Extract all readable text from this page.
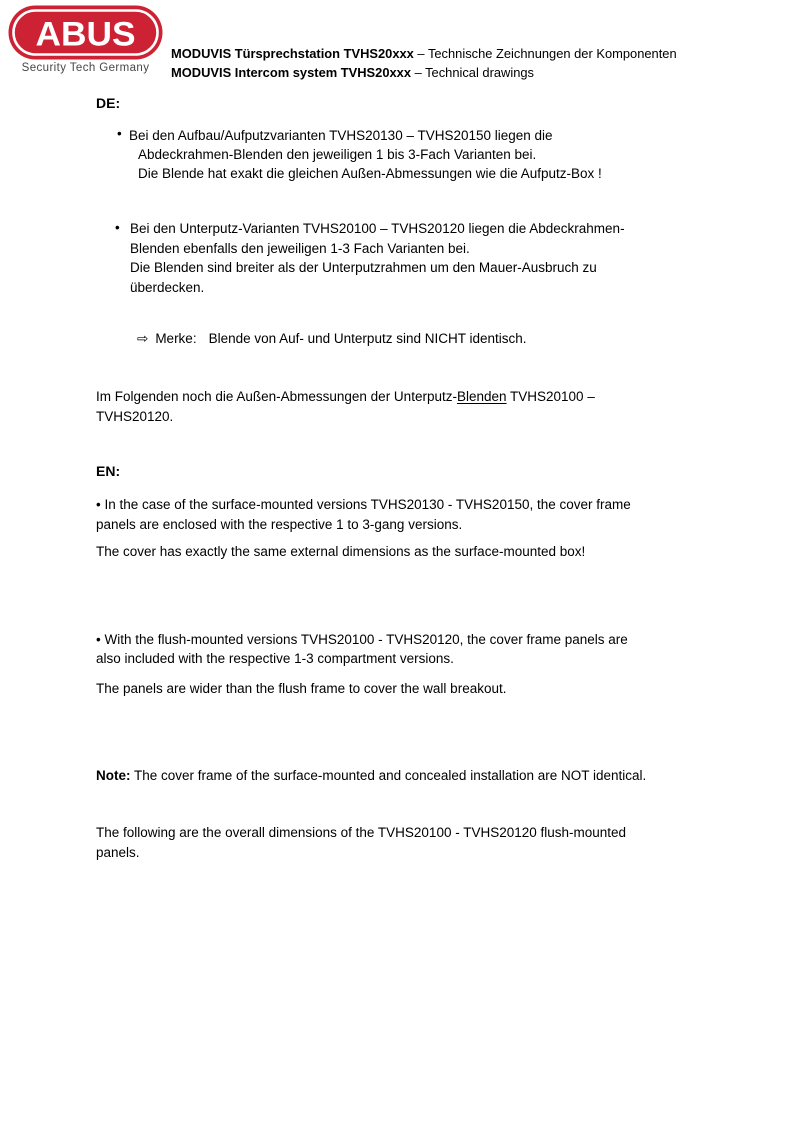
ABUS
Security Tech Germany
MODUVIS Türsprechstation TVHS20xxx – Technische Zeichnungen der Komponenten
MODUVIS Intercom system TVHS20xxx – Technical drawings
DE:
• Bei den Aufbau/Aufputzvarianten TVHS20130 – TVHS20150 liegen die
Abdeckrahmen-Blenden den jeweiligen 1 bis 3-Fach Varianten bei.
Die Blende hat exakt die gleichen Außen-Abmessungen wie die Aufputz-Box !
• Bei den Unterputz-Varianten TVHS20100 – TVHS20120 liegen die Abdeckrahmen-
Blenden ebenfalls den jeweiligen 1-3 Fach Varianten bei.
Die Blenden sind breiter als der Unterputzrahmen um den Mauer-Ausbruch zu
überdecken.
⇨ Merke: Blende von Auf- und Unterputz sind NICHT identisch.
Im Folgenden noch die Außen-Abmessungen der Unterputz-Blenden TVHS20100 –
TVHS20120.
EN:
• In the case of the surface-mounted versions TVHS20130 - TVHS20150, the cover frame
panels are enclosed with the respective 1 to 3-gang versions.
The cover has exactly the same external dimensions as the surface-mounted box!
• With the flush-mounted versions TVHS20100 - TVHS20120, the cover frame panels are
also included with the respective 1-3 compartment versions.
The panels are wider than the flush frame to cover the wall breakout.
Note: The cover frame of the surface-mounted and concealed installation are NOT identical.
The following are the overall dimensions of the TVHS20100 - TVHS20120 flush-mounted
panels.
